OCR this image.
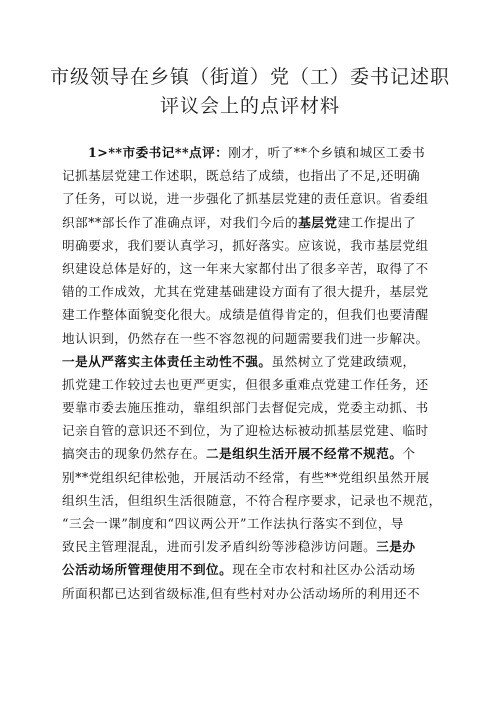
市级领导在乡镇（街道）党（工）委书记述职
评议会上的点评材料
1>**市委书记**点评：刚才，听了**个乡镇和城区工委书
记抓基层党建工作述职，既总结了成绩，也指出了不足,还明确
了任务，可以说，进一步强化了抓基层党建的责任意识。省委组
织部**部长作了准确点评，对我们今后的基层党建工作提出了
明确要求，我们要认真学习，抓好落实。应该说，我市基层党组
织建设总体是好的，这一年来大家都付出了很多辛苦，取得了不
错的工作成效，尤其在党建基础建设方面有了很大提升，基层党
建工作整体面貌变化很大。成绩是值得肯定的，但我们也要清醒
地认识到，仍然存在一些不容忽视的问题需要我们进一步解决。
一是从严落实主体责任主动性不强。虽然树立了党建政绩观，
抓党建工作较过去也更严更实，但很多重难点党建工作任务，还
要靠市委去施压推动，靠组织部门去督促完成，党委主动抓、书
记亲自管的意识还不到位，为了迎检达标被动抓基层党建、临时
搞突击的现象仍然存在。二是组织生活开展不经常不规范。个
别**党组织纪律松弛，开展活动不经常，有些**党组织虽然开展
组织生活，但组织生活很随意，不符合程序要求，记录也不规范，
“三会一课”制度和“四议两公开”工作法执行落实不到位，导
致民主管理混乱，进而引发矛盾纠纷等涉稳涉访问题。三是办
公活动场所管理使用不到位。现在全市农村和社区办公活动场
所面积都已达到省级标准,但有些村对办公活动场所的利用还不
